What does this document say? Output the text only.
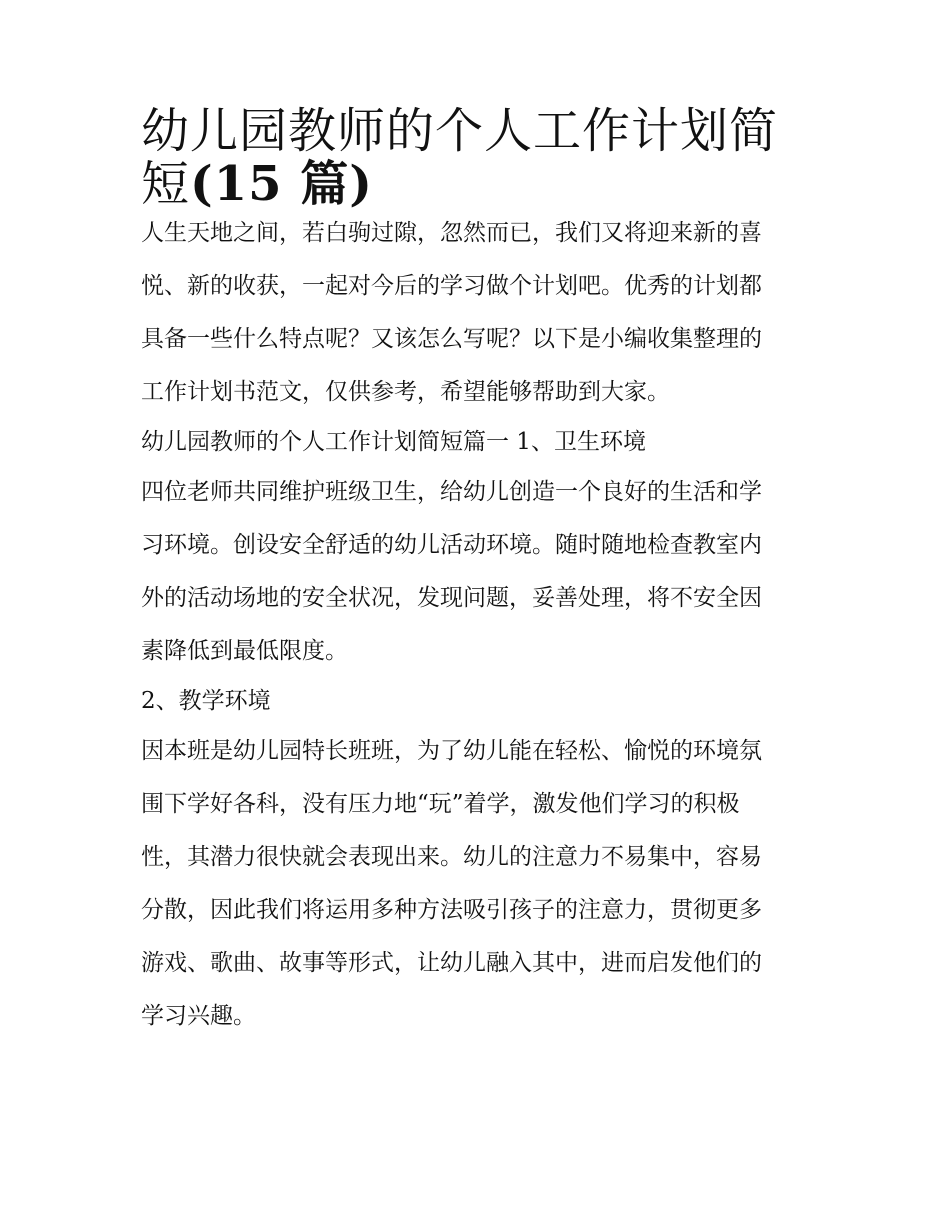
幼儿园教师的个人工作计划简
短(15 篇)

人生天地之间，若白驹过隙，忽然而已，我们又将迎来新的喜
悦、新的收获，一起对今后的学习做个计划吧。优秀的计划都
具备一些什么特点呢？又该怎么写呢？以下是小编收集整理的
工作计划书范文，仅供参考，希望能够帮助到大家。

幼儿园教师的个人工作计划简短篇一 1、卫生环境

四位老师共同维护班级卫生，给幼儿创造一个良好的生活和学
习环境。创设安全舒适的幼儿活动环境。随时随地检查教室内
外的活动场地的安全状况，发现问题，妥善处理，将不安全因
素降低到最低限度。

2、教学环境

因本班是幼儿园特长班班，为了幼儿能在轻松、愉悦的环境氛
围下学好各科，没有压力地“玩”着学，激发他们学习的积极
性，其潜力很快就会表现出来。幼儿的注意力不易集中，容易
分散，因此我们将运用多种方法吸引孩子的注意力，贯彻更多
游戏、歌曲、故事等形式，让幼儿融入其中，进而启发他们的
学习兴趣。
